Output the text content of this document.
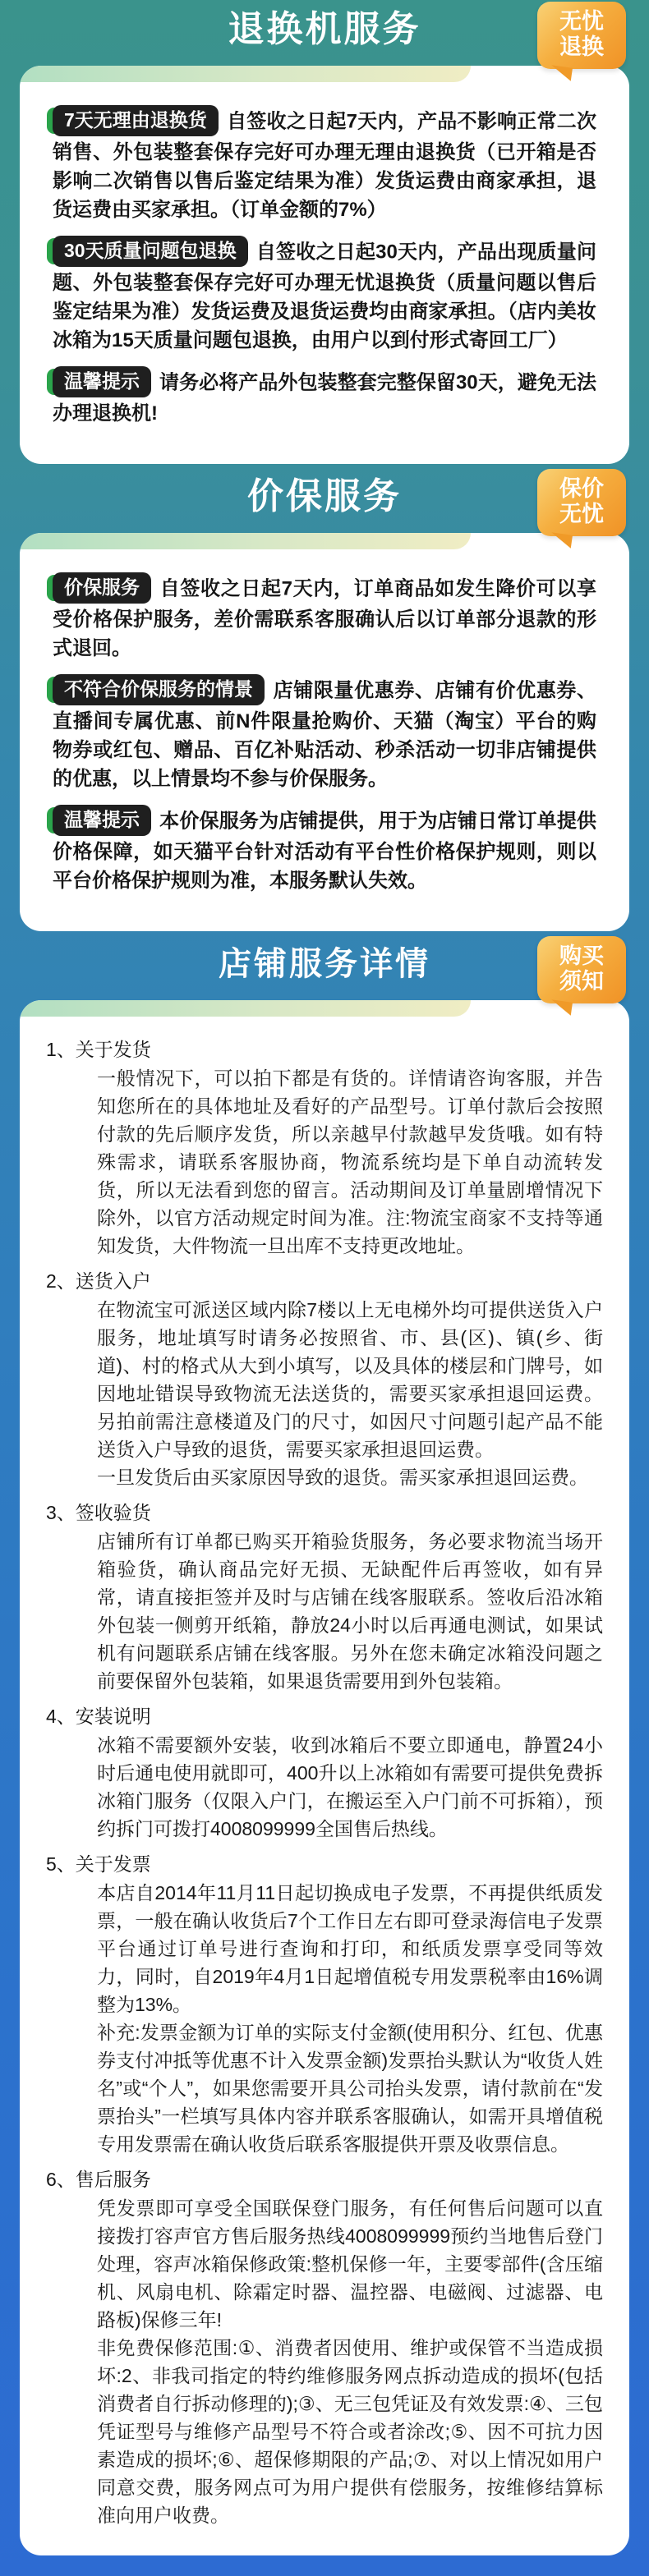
退换机服务	无忧
退换

7天无理由退换货 自签收之日起7天内，产品不影响正常二次销售、外包装整套保存完好可办理无理由退换货（已开箱是否影响二次销售以售后鉴定结果为准）发货运费由商家承担，退货运费由买家承担。（订单金额的7%）

30天质量问题包退换 自签收之日起30天内，产品出现质量问题、外包装整套保存完好可办理无忧退换货（质量问题以售后鉴定结果为准）发货运费及退货运费均由商家承担。（店内美妆冰箱为15天质量问题包退换，由用户以到付形式寄回工厂）

温馨提示 请务必将产品外包装整套完整保留30天，避免无法办理退换机!

价保服务	保价
无忧

价保服务 自签收之日起7天内，订单商品如发生降价可以享受价格保护服务，差价需联系客服确认后以订单部分退款的形式退回。

不符合价保服务的情景 店铺限量优惠券、店铺有价优惠券、直播间专属优惠、前N件限量抢购价、天猫（淘宝）平台的购物券或红包、赠品、百亿补贴活动、秒杀活动一切非店铺提供的优惠，以上情景均不参与价保服务。

温馨提示 本价保服务为店铺提供，用于为店铺日常订单提供价格保障，如天猫平台针对活动有平台性价格保护规则，则以平台价格保护规则为准，本服务默认失效。

店铺服务详情	购买
须知
1、关于发货

一般情况下，可以拍下都是有货的。详情请咨询客服，并告知您所在的具体地址及看好的产品型号。订单付款后会按照付款的先后顺序发货，所以亲越早付款越早发货哦。如有特殊需求，请联系客服协商，物流系统均是下单自动流转发货，所以无法看到您的留言。活动期间及订单量剧增情况下除外，以官方活动规定时间为准。注:物流宝商家不支持等通知发货，大件物流一旦出库不支持更改地址。

2、送货入户

在物流宝可派送区域内除7楼以上无电梯外均可提供送货入户服务，地址填写时请务必按照省、市、县(区)、镇(乡、街道)、村的格式从大到小填写，以及具体的楼层和门牌号，如因地址错误导致物流无法送货的，需要买家承担退回运费。另拍前需注意楼道及门的尺寸，如因尺寸问题引起产品不能送货入户导致的退货，需要买家承担退回运费。

一旦发货后由买家原因导致的退货。需买家承担退回运费。

3、签收验货

店铺所有订单都已购买开箱验货服务，务必要求物流当场开箱验货，确认商品完好无损、无缺配件后再签收，如有异常，请直接拒签并及时与店铺在线客服联系。签收后沿冰箱外包装一侧剪开纸箱，静放24小时以后再通电测试，如果试机有问题联系店铺在线客服。另外在您未确定冰箱没问题之前要保留外包装箱，如果退货需要用到外包装箱。

4、安装说明

冰箱不需要额外安装，收到冰箱后不要立即通电，静置24小时后通电使用就即可，400升以上冰箱如有需要可提供免费拆冰箱门服务（仅限入户门，在搬运至入户门前不可拆箱），预约拆门可拨打4008099999全国售后热线。

5、关于发票

本店自2014年11月11日起切换成电子发票，不再提供纸质发票，一般在确认收货后7个工作日左右即可登录海信电子发票平台通过订单号进行查询和打印，和纸质发票享受同等效力，同时，自2019年4月1日起增值税专用发票税率由16%调整为13%。

补充:发票金额为订单的实际支付金额(使用积分、红包、优惠券支付冲抵等优惠不计入发票金额)发票抬头默认为“收货人姓名”或“个人”，如果您需要开具公司抬头发票，请付款前在“发票抬头”一栏填写具体内容并联系客服确认，如需开具增值税专用发票需在确认收货后联系客服提供开票及收票信息。

6、售后服务

凭发票即可享受全国联保登门服务，有任何售后问题可以直接拨打容声官方售后服务热线4008099999预约当地售后登门处理，容声冰箱保修政策:整机保修一年，主要零部件(含压缩机、风扇电机、除霜定时器、温控器、电磁阀、过滤器、电路板)保修三年!

非免费保修范围:①、消费者因使用、维护或保管不当造成损坏:2、非我司指定的特约维修服务网点拆动造成的损坏(包括消费者自行拆动修理的);③、无三包凭证及有效发票:④、三包凭证型号与维修产品型号不符合或者涂改;⑤、因不可抗力因素造成的损坏;⑥、超保修期限的产品;⑦、对以上情况如用户同意交费，服务网点可为用户提供有偿服务，按维修结算标准向用户收费。
